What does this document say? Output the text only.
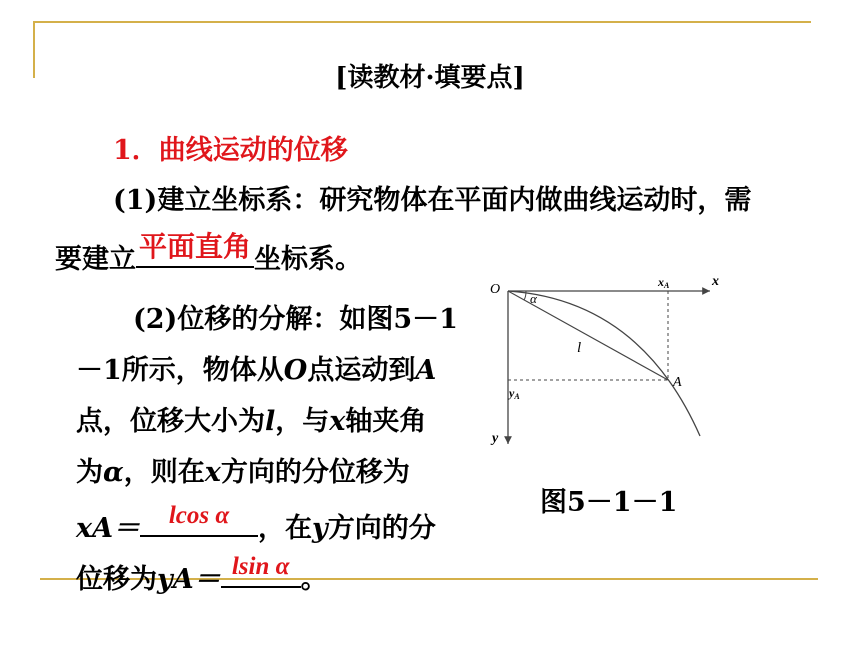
[读教材·填要点]
1．曲线运动的位移
(1)建立坐标系：研究物体在平面内做曲线运动时，需
要建立 平面直角 坐标系。
(2)位移的分解：如图5－1
－1所示，物体从O点运动到A
点，位移大小为l，与x轴夹角
为α，则在x方向的分位移为
xA＝	lcos α	，在y方向的分
位移为yA＝ lsin α 。
O
x
y
xA
yA
A
l
α
图5－1－1
